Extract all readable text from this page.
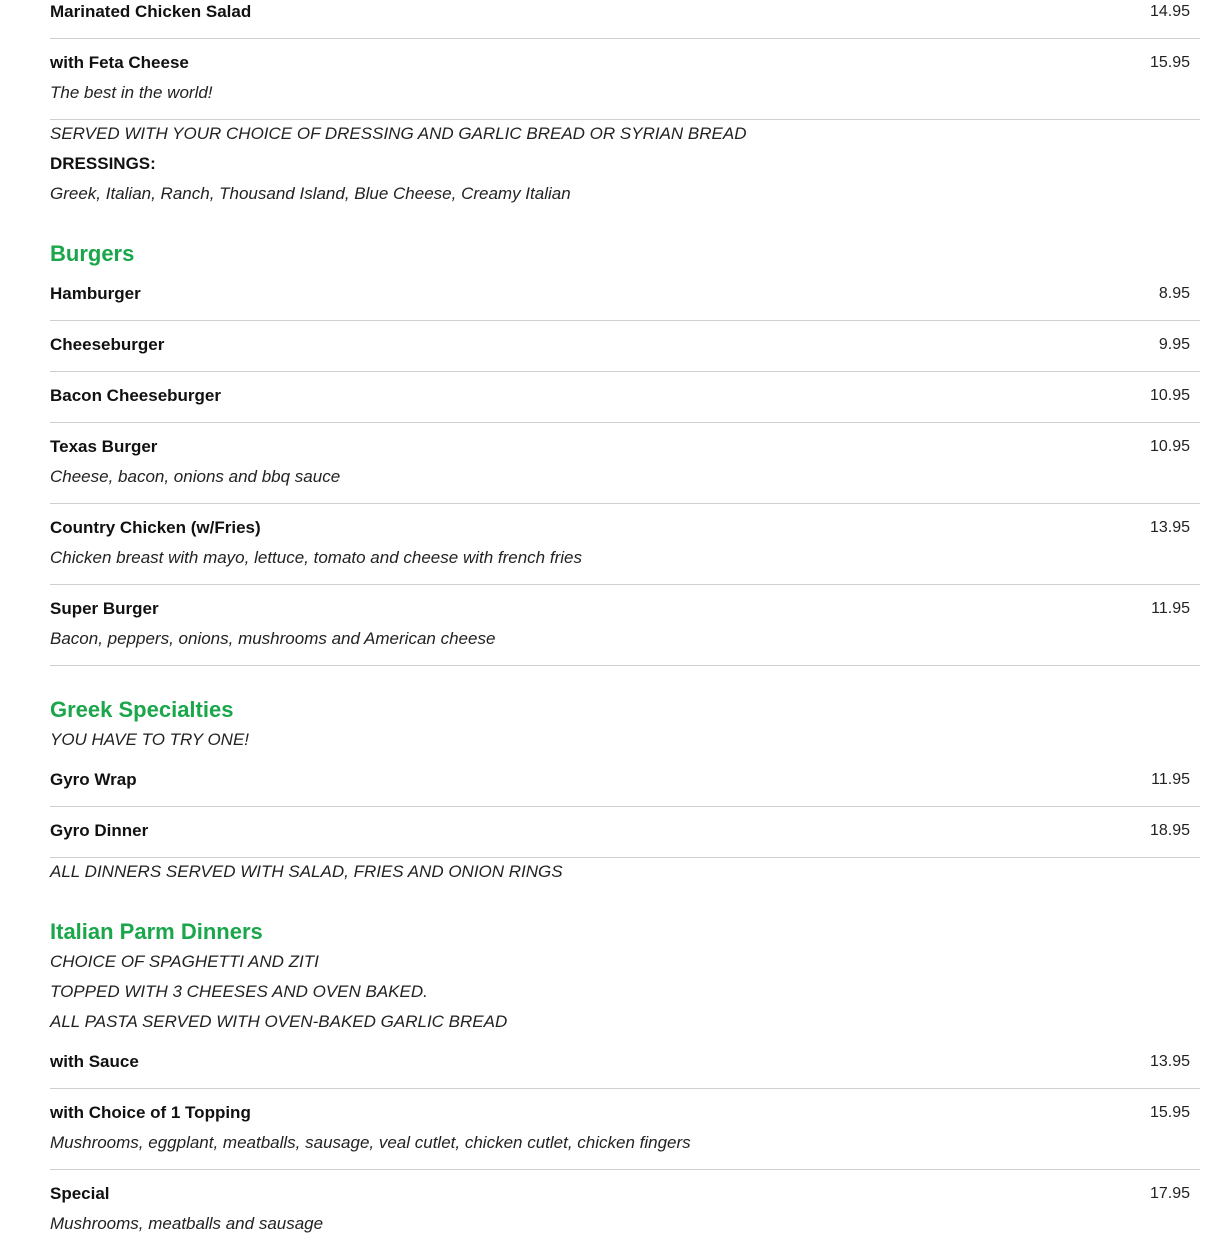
Marinated Chicken Salad	14.95
with Feta Cheese	15.95
The best in the world!
SERVED WITH YOUR CHOICE OF DRESSING AND GARLIC BREAD OR SYRIAN BREAD
DRESSINGS:
Greek, Italian, Ranch, Thousand Island, Blue Cheese, Creamy Italian
Burgers
Hamburger	8.95
Cheeseburger	9.95
Bacon Cheeseburger	10.95
Texas Burger	10.95
Cheese, bacon, onions and bbq sauce
Country Chicken (w/Fries)	13.95
Chicken breast with mayo, lettuce, tomato and cheese with french fries
Super Burger	11.95
Bacon, peppers, onions, mushrooms and American cheese
Greek Specialties
YOU HAVE TO TRY ONE!
Gyro Wrap	11.95
Gyro Dinner	18.95
ALL DINNERS SERVED WITH SALAD, FRIES AND ONION RINGS
Italian Parm Dinners
CHOICE OF SPAGHETTI AND ZITI
TOPPED WITH 3 CHEESES AND OVEN BAKED.
ALL PASTA SERVED WITH OVEN-BAKED GARLIC BREAD
with Sauce	13.95
with Choice of 1 Topping	15.95
Mushrooms, eggplant, meatballs, sausage, veal cutlet, chicken cutlet, chicken fingers
Special	17.95
Mushrooms, meatballs and sausage
